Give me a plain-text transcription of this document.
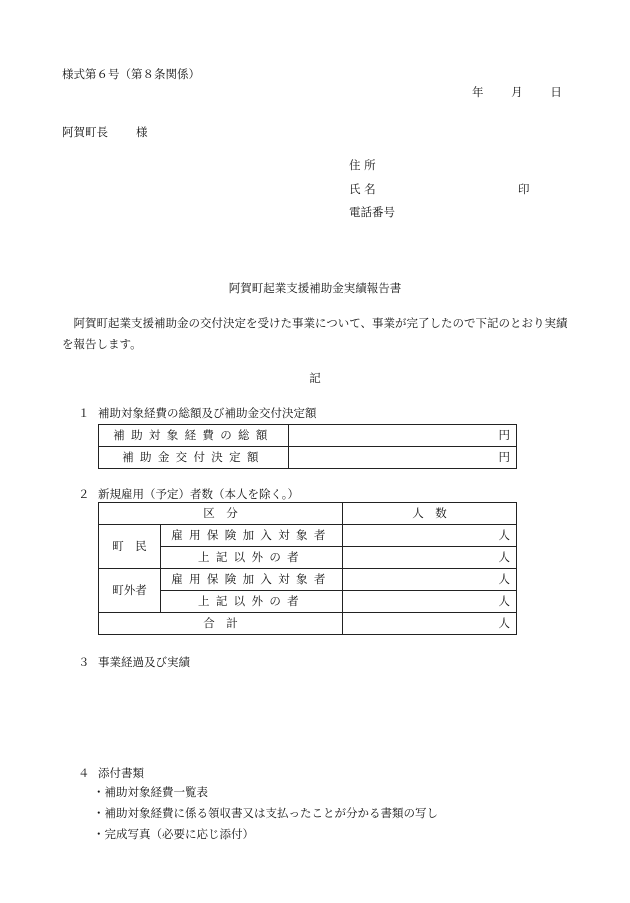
様式第６号（第８条関係）
年 月 日
阿賀町長 様
住 所
氏 名	印
電話番号
阿賀町起業支援補助金実績報告書
阿賀町起業支援補助金の交付決定を受けた事業について、事業が完了したので下記のとおり実績を報告します。
記
１ 補助対象経費の総額及び補助金交付決定額
補助対象経費の総額	円
補助金交付決定額	円
２ 新規雇用（予定）者数（本人を除く。）
区　分		人　数
町　民	雇用保険加入対象者	人
	上記以外の者	人
町外者	雇用保険加入対象者	人
	上記以外の者	人
合　計		人
３ 事業経過及び実績
４ 添付書類
・補助対象経費一覧表
・補助対象経費に係る領収書又は支払ったことが分かる書類の写し
・完成写真（必要に応じ添付）
